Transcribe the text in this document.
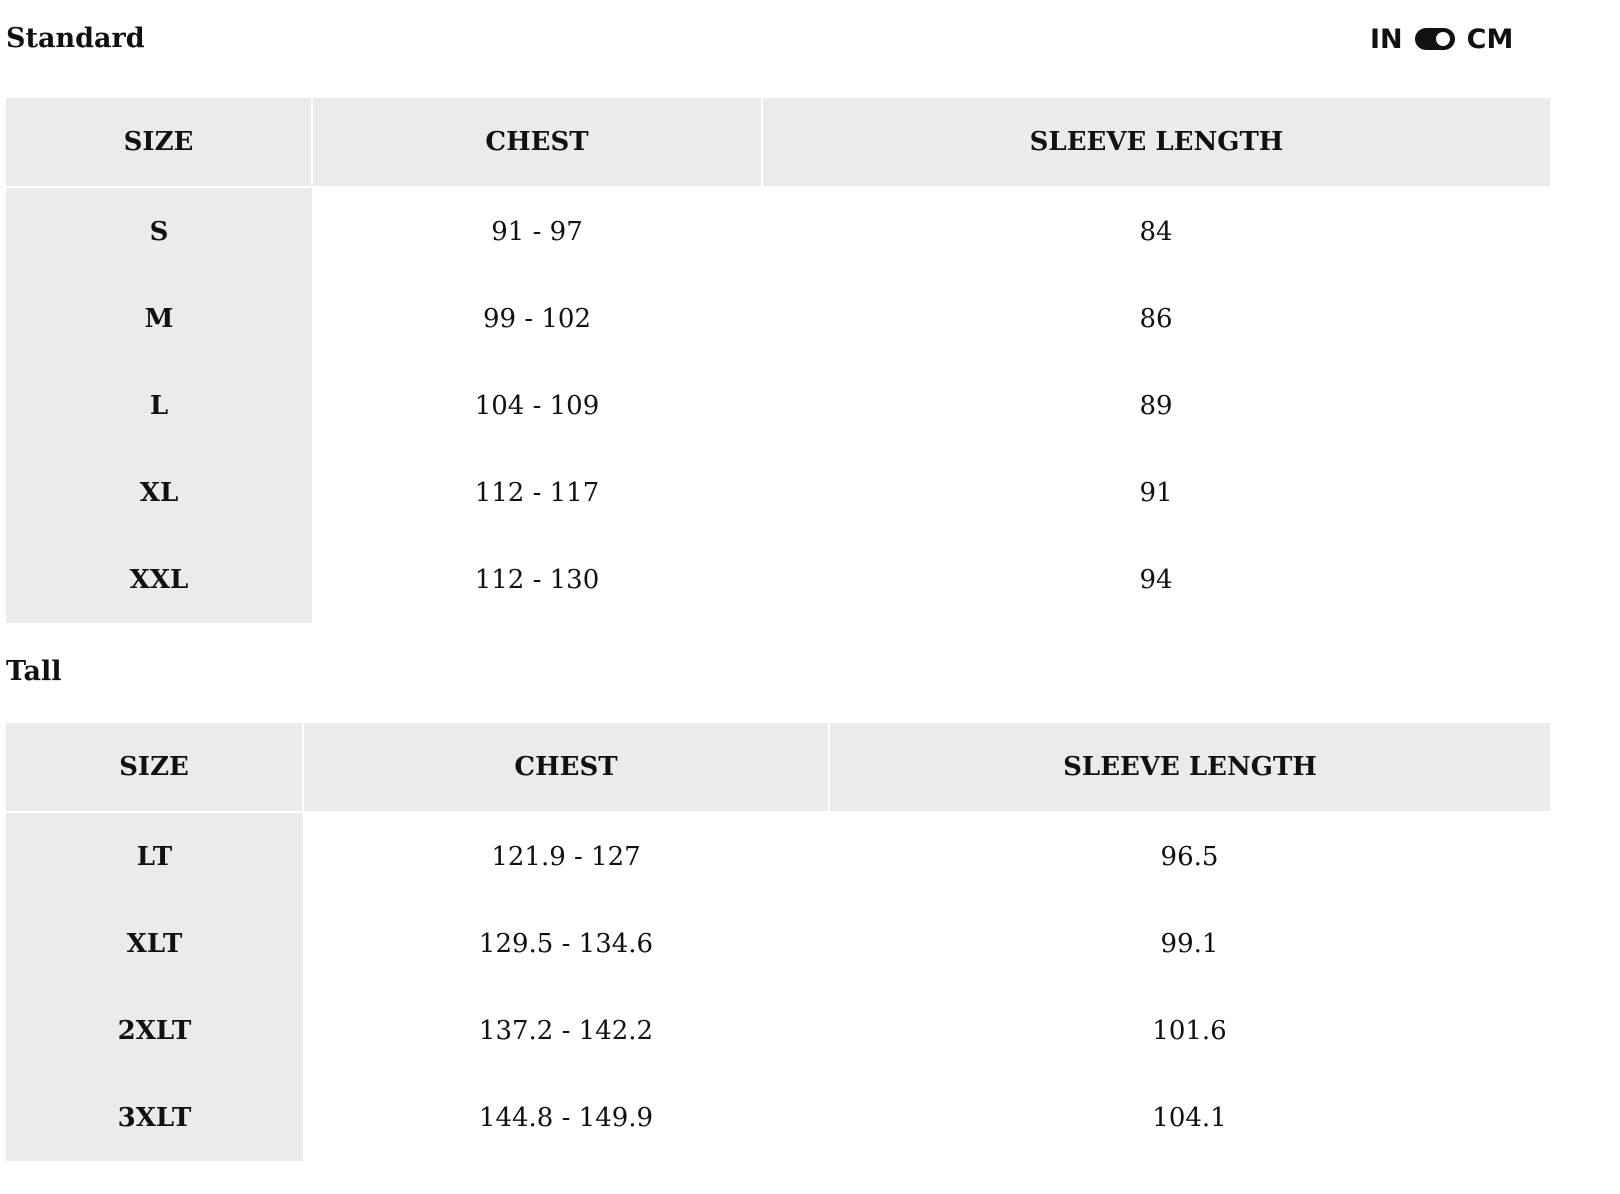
Standard	IN CM
SIZE	CHEST	SLEEVE LENGTH
S	91 - 97	84
M	99 - 102	86
L	104 - 109	89
XL	112 - 117	91
XXL	112 - 130	94
Tall
SIZE	CHEST	SLEEVE LENGTH
LT	121.9 - 127	96.5
XLT	129.5 - 134.6	99.1
2XLT	137.2 - 142.2	101.6
3XLT	144.8 - 149.9	104.1
